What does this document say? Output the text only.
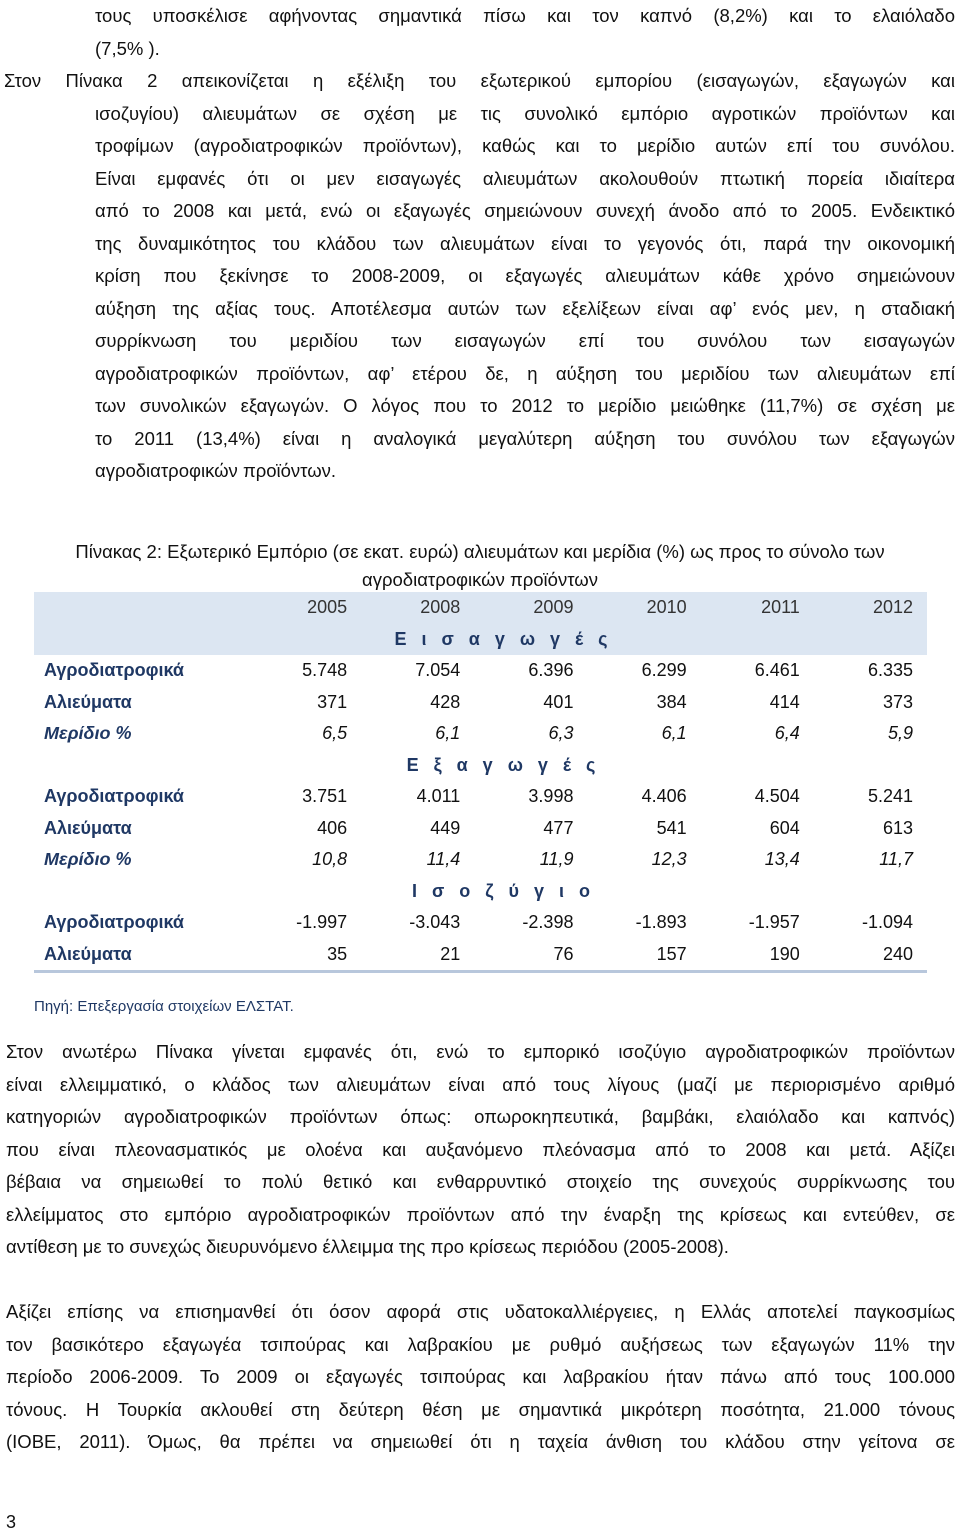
τους υποσκέλισε αφήνοντας σημαντικά πίσω και τον καπνό (8,2%) και το ελαιόλαδο
(7,5% ).
Στον Πίνακα 2 απεικονίζεται η εξέλιξη του εξωτερικού εμπορίου (εισαγωγών, εξαγωγών και
ισοζυγίου) αλιευμάτων σε σχέση με τις συνολικό εμπόριο αγροτικών προϊόντων και
τροφίμων (αγροδιατροφικών προϊόντων), καθώς και το μερίδιο αυτών επί του συνόλου.
Είναι εμφανές ότι οι μεν εισαγωγές αλιευμάτων ακολουθούν πτωτική πορεία ιδιαίτερα
από το 2008 και μετά, ενώ οι εξαγωγές σημειώνουν συνεχή άνοδο από το 2005. Ενδεικτικό
της δυναμικότητος του κλάδου των αλιευμάτων είναι το γεγονός ότι, παρά την οικονομική
κρίση που ξεκίνησε το 2008-2009, οι εξαγωγές αλιευμάτων κάθε χρόνο σημειώνουν
αύξηση της αξίας τους. Αποτέλεσμα αυτών των εξελίξεων είναι αφ’ ενός μεν, η σταδιακή
συρρίκνωση του μεριδίου των εισαγωγών επί του συνόλου των εισαγωγών
αγροδιατροφικών προϊόντων, αφ’ ετέρου δε, η αύξηση του μεριδίου των αλιευμάτων επί
των συνολικών εξαγωγών. Ο λόγος που το 2012 το μερίδιο μειώθηκε (11,7%) σε σχέση με
το 2011 (13,4%) είναι η αναλογικά μεγαλύτερη αύξηση του συνόλου των εξαγωγών
αγροδιατροφικών προϊόντων.
Πίνακας 2: Εξωτερικό Εμπόριο (σε εκατ. ευρώ) αλιευμάτων και μερίδια (%) ως προς το σύνολο των
αγροδιατροφικών προϊόντων
	2005	2008	2009	2010	2011	2012
Ε ι σ α γ ω γ έ ς						
Αγροδιατροφικά	5.748	7.054	6.396	6.299	6.461	6.335
Αλιεύματα	371	428	401	384	414	373
Μερίδιο %	6,5	6,1	6,3	6,1	6,4	5,9
Ε ξ α γ ω γ έ ς						
Αγροδιατροφικά	3.751	4.011	3.998	4.406	4.504	5.241
Αλιεύματα	406	449	477	541	604	613
Μερίδιο %	10,8	11,4	11,9	12,3	13,4	11,7
Ι σ ο ζ ύ γ ι ο						
Αγροδιατροφικά	-1.997	-3.043	-2.398	-1.893	-1.957	-1.094
Αλιεύματα	35	21	76	157	190	240
Πηγή: Επεξεργασία στοιχείων ΕΛΣΤΑΤ.
Στον ανωτέρω Πίνακα γίνεται εμφανές ότι, ενώ το εμπορικό ισοζύγιο αγροδιατροφικών προϊόντων
είναι ελλειμματικό, ο κλάδος των αλιευμάτων είναι από τους λίγους (μαζί με περιορισμένο αριθμό
κατηγοριών αγροδιατροφικών προϊόντων όπως: οπωροκηπευτικά, βαμβάκι, ελαιόλαδο και καπνός)
που είναι πλεονασματικός με ολοένα και αυξανόμενο πλεόνασμα από το 2008 και μετά. Αξίζει
βέβαια να σημειωθεί το πολύ θετικό και ενθαρρυντικό στοιχείο της συνεχούς συρρίκνωσης του
ελλείμματος στο εμπόριο αγροδιατροφικών προϊόντων από την έναρξη της κρίσεως και εντεύθεν, σε
αντίθεση με το συνεχώς διευρυνόμενο έλλειμμα της προ κρίσεως περιόδου (2005-2008).
Αξίζει επίσης να επισημανθεί ότι όσον αφορά στις υδατοκαλλιέργειες, η Ελλάς αποτελεί παγκοσμίως
τον βασικότερο εξαγωγέα τσιπούρας και λαβρακίου με ρυθμό αυξήσεως των εξαγωγών 11% την
περίοδο 2006-2009. Το 2009 οι εξαγωγές τσιπούρας και λαβρακίου ήταν πάνω από τους 100.000
τόνους. Η Τουρκία ακλουθεί στη δεύτερη θέση με σημαντικά μικρότερη ποσότητα, 21.000 τόνους
(ΙΟΒΕ, 2011). Όμως, θα πρέπει να σημειωθεί ότι η ταχεία άνθιση του κλάδου στην γείτονα σε
3
